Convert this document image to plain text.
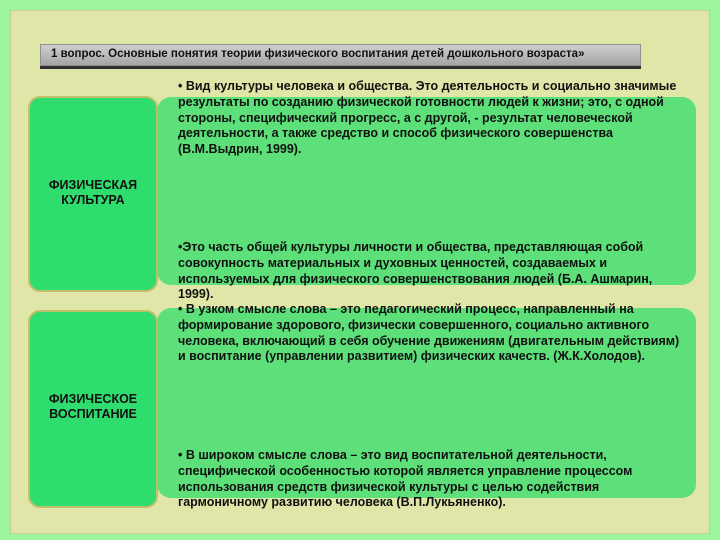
1 вопрос. Основные понятия теории физического воспитания детей дошкольного возраста»
ФИЗИЧЕСКАЯ КУЛЬТУРА
• Вид культуры человека и общества. Это деятельность и социально значимые результаты по созданию физической готовности людей к жизни; это, с одной стороны, специфический прогресс, а с другой, - результат человеческой деятельности, а также средство и способ физического совершенства (В.М.Выдрин, 1999).
•Это часть общей культуры личности и общества, представляющая собой совокупность материальных и духовных ценностей, создаваемых и используемых для физического совершенствования людей (Б.А. Ашмарин, 1999).
ФИЗИЧЕСКОЕ ВОСПИТАНИЕ
• В узком смысле слова – это педагогический процесс, направленный на формирование здорового, физически совершенного, социально активного человека, включающий в себя обучение движениям (двигательным действиям) и воспитание (управлении развитием) физических качеств. (Ж.К.Холодов).
• В широком смысле слова – это вид воспитательной деятельности, специфической особенностью которой является управление процессом использования средств физической культуры с целью содействия гармоничному развитию человека (В.П.Лукьяненко).
